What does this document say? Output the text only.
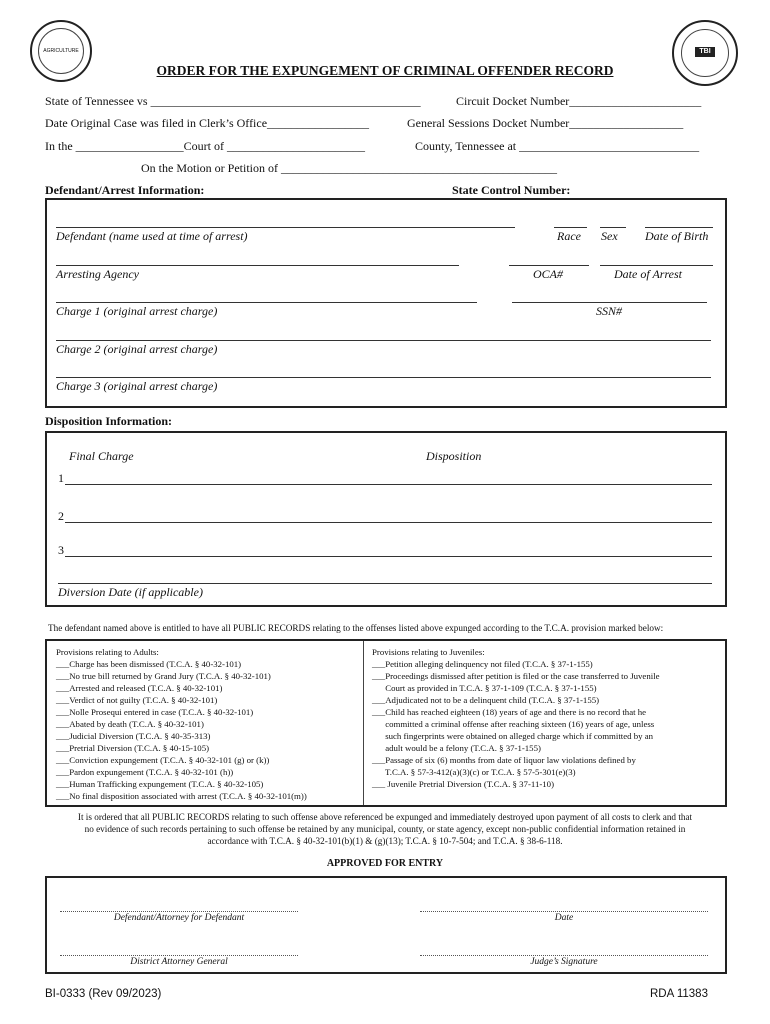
AGRICULTURE	TBI
ORDER FOR THE EXPUNGEMENT OF CRIMINAL OFFENDER RECORD
State of Tennessee vs _____________________________________________	Circuit Docket Number______________________
Date Original Case was filed in Clerk’s Office_________________	General Sessions Docket Number___________________
In the __________________Court of _______________________	County, Tennessee at ______________________________
On the Motion or Petition of ______________________________________________
Defendant/Arrest Information:	State Control Number:
Defendant (name used at time of arrest)	Race Sex Date of Birth
Arresting Agency	OCA#	Date of Arrest
Charge 1 (original arrest charge)	SSN#
Charge 2 (original arrest charge)
Charge 3 (original arrest charge)
Disposition Information:
Final Charge	Disposition
1
2
3
Diversion Date (if applicable)
The defendant named above is entitled to have all PUBLIC RECORDS relating to the offenses listed above expunged according to the T.C.A. provision marked below:
Provisions relating to Adults:
___Charge has been dismissed (T.C.A. § 40-32-101)
___No true bill returned by Grand Jury (T.C.A. § 40-32-101)
___Arrested and released (T.C.A. § 40-32-101)
___Verdict of not guilty (T.C.A. § 40-32-101)
___Nolle Prosequi entered in case (T.C.A. § 40-32-101)
___Abated by death (T.C.A. § 40-32-101)
___Judicial Diversion (T.C.A. § 40-35-313)
___Pretrial Diversion (T.C.A. § 40-15-105)
___Conviction expungement (T.C.A. § 40-32-101 (g) or (k))
___Pardon expungement (T.C.A. § 40-32-101 (h))
___Human Trafficking expungement (T.C.A. § 40-32-105)
___No final disposition associated with arrest (T.C.A. § 40-32-101(m))
Provisions relating to Juveniles:
___Petition alleging delinquency not filed (T.C.A. § 37-1-155)
___Proceedings dismissed after petition is filed or the case transferred to Juvenile
Court as provided in T.C.A. § 37-1-109 (T.C.A. § 37-1-155)
___Adjudicated not to be a delinquent child (T.C.A. § 37-1-155)
___Child has reached eighteen (18) years of age and there is no record that he
committed a criminal offense after reaching sixteen (16) years of age, unless
such fingerprints were obtained on alleged charge which if committed by an
adult would be a felony (T.C.A. § 37-1-155)
___Passage of six (6) months from date of liquor law violations defined by
T.C.A. § 57-3-412(a)(3)(c) or T.C.A. § 57-5-301(e)(3)
___ Juvenile Pretrial Diversion (T.C.A. § 37-11-10)
It is ordered that all PUBLIC RECORDS relating to such offense above referenced be expunged and immediately destroyed upon payment of all costs to clerk and that
no evidence of such records pertaining to such offense be retained by any municipal, county, or state agency, except non-public confidential information retained in
accordance with T.C.A. § 40-32-101(b)(1) & (g)(13); T.C.A. § 10-7-504; and T.C.A. § 38-6-118.
APPROVED FOR ENTRY
Defendant/Attorney for Defendant	Date
District Attorney General	Judge’s Signature
BI-0333 (Rev 09/2023)	RDA 11383
